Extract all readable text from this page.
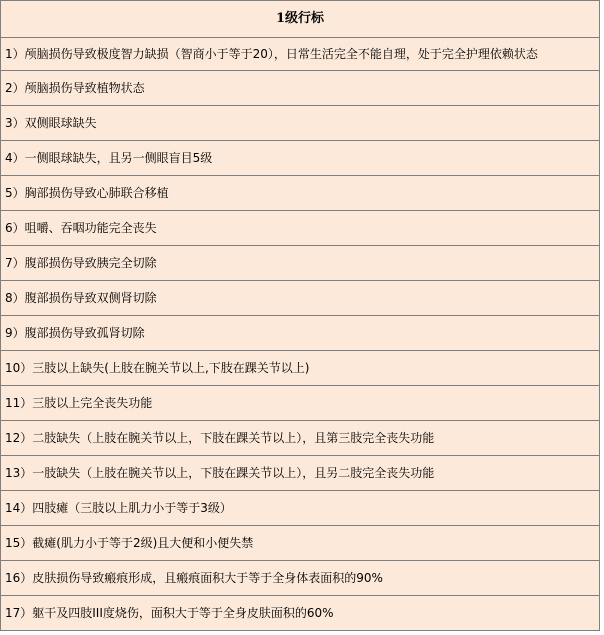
1级行标
1）颅脑损伤导致极度智力缺损（智商小于等于20），日常生活完全不能自理，处于完全护理依赖状态
2）颅脑损伤导致植物状态
3）双侧眼球缺失
4）一侧眼球缺失，且另一侧眼盲目5级
5）胸部损伤导致心肺联合移植
6）咀嚼、吞咽功能完全丧失
7）腹部损伤导致胰完全切除
8）腹部损伤导致双侧肾切除
9）腹部损伤导致孤肾切除
10）三肢以上缺失(上肢在腕关节以上,下肢在踝关节以上)
11）三肢以上完全丧失功能
12）二肢缺失（上肢在腕关节以上，下肢在踝关节以上），且第三肢完全丧失功能
13）一肢缺失（上肢在腕关节以上，下肢在踝关节以上），且另二肢完全丧失功能
14）四肢瘫（三肢以上肌力小于等于3级）
15）截瘫(肌力小于等于2级)且大便和小便失禁
16）皮肤损伤导致瘢痕形成，且瘢痕面积大于等于全身体表面积的90%
17）躯干及四肢III度烧伤，面积大于等于全身皮肤面积的60%
